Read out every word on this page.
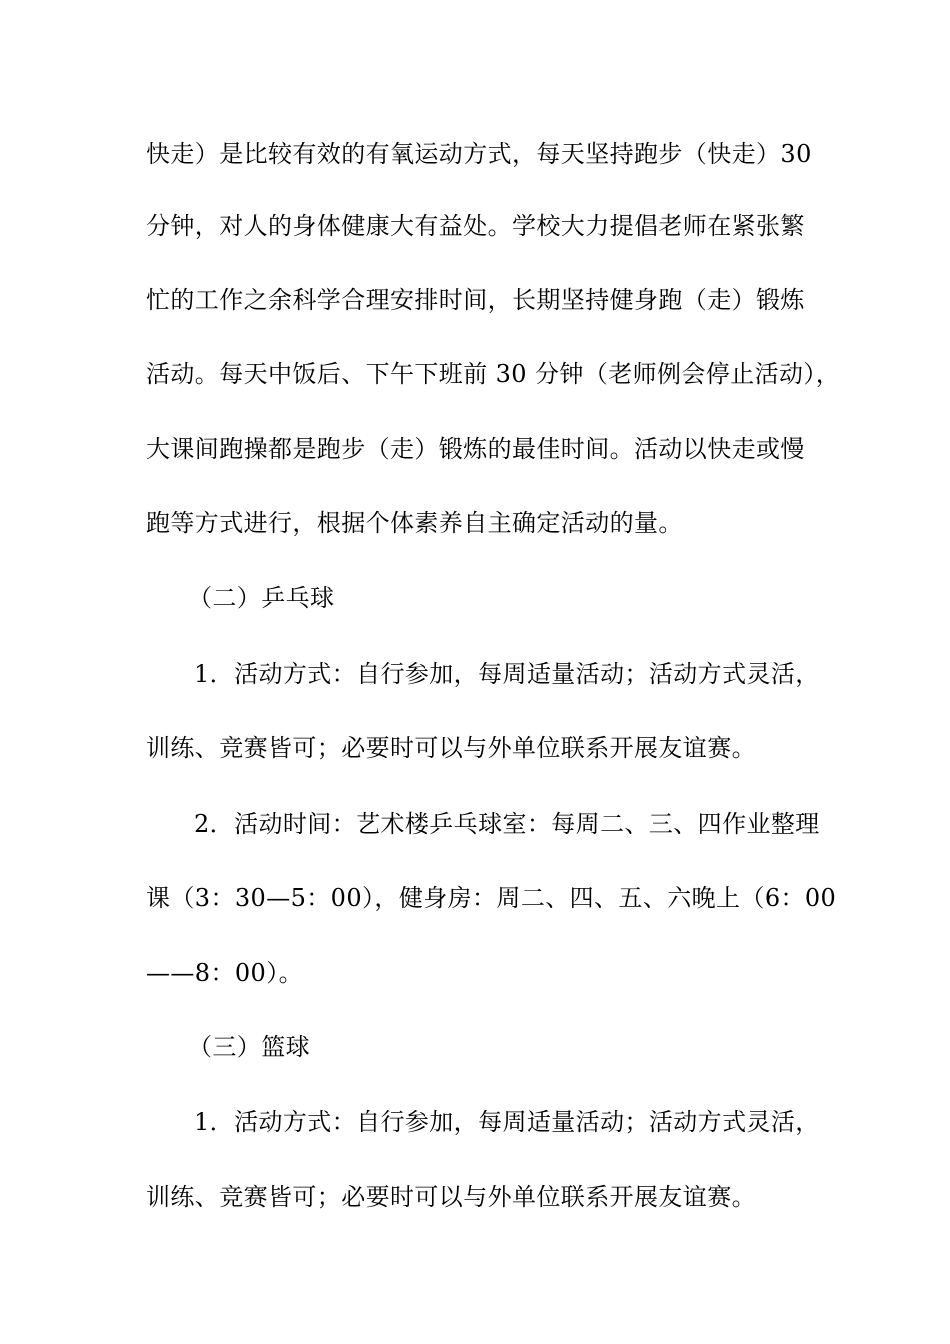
快走）是比较有效的有氧运动方式，每天坚持跑步（快走）30
分钟，对人的身体健康大有益处。学校大力提倡老师在紧张繁
忙的工作之余科学合理安排时间，长期坚持健身跑（走）锻炼
活动。每天中饭后、下午下班前 30 分钟（老师例会停止活动），
大课间跑操都是跑步（走）锻炼的最佳时间。活动以快走或慢
跑等方式进行，根据个体素养自主确定活动的量。
（二）乒乓球
1．活动方式：自行参加，每周适量活动；活动方式灵活，
训练、竞赛皆可；必要时可以与外单位联系开展友谊赛。
2．活动时间：艺术楼乒乓球室：每周二、三、四作业整理
课（3：30—5：00），健身房：周二、四、五、六晚上（6：00
——8：00）。
（三）篮球
1．活动方式：自行参加，每周适量活动；活动方式灵活，
训练、竞赛皆可；必要时可以与外单位联系开展友谊赛。
